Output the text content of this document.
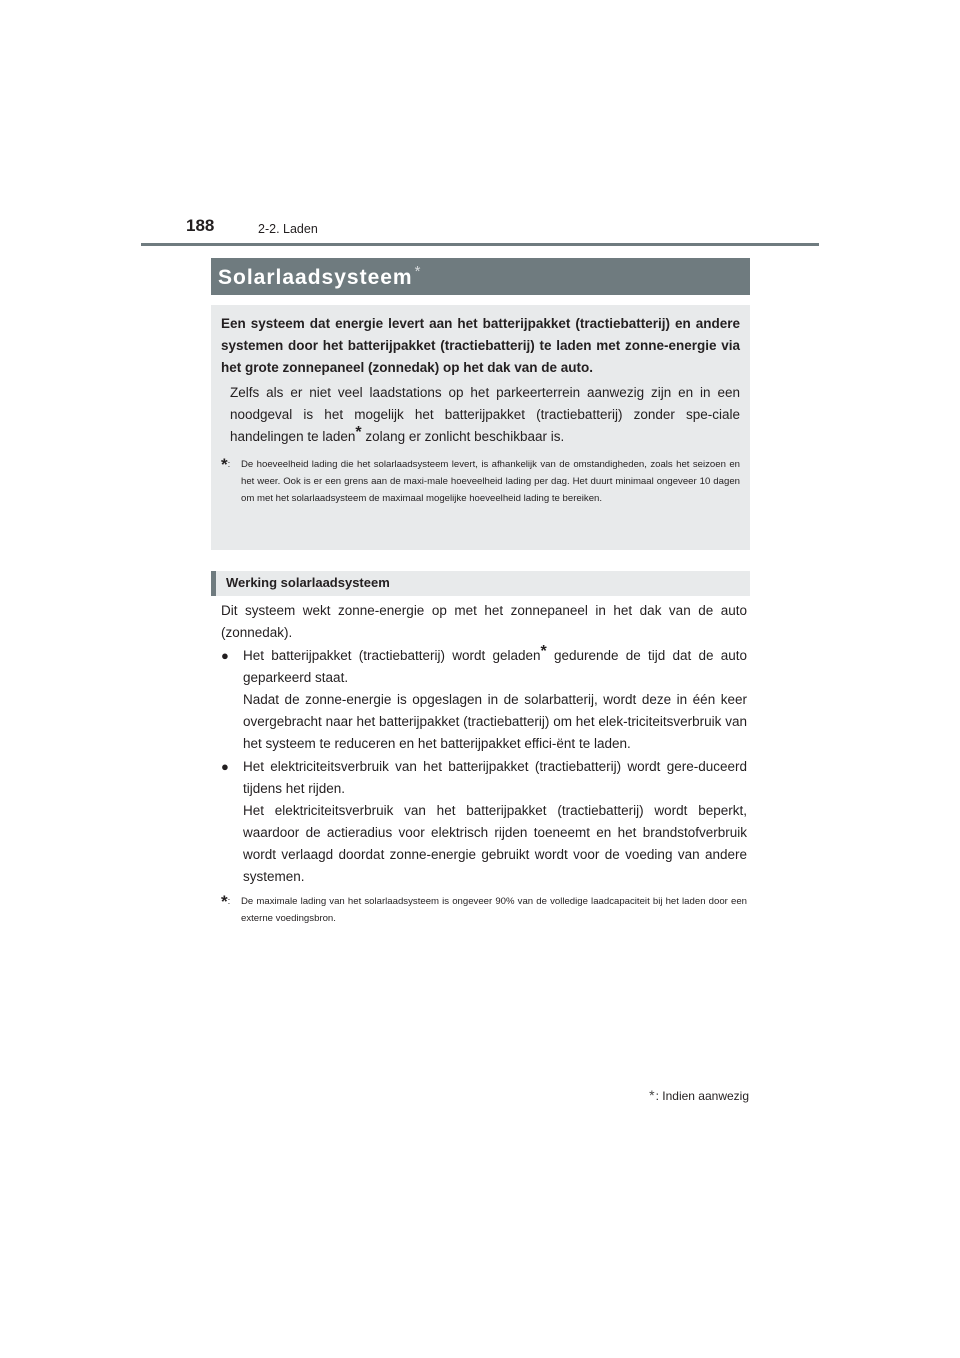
188	2-2. Laden
Solarlaadsysteem *
Een systeem dat energie levert aan het batterijpakket (tractiebatterij) en andere systemen door het batterijpakket (tractiebatterij) te laden met zonne-energie via het grote zonnepaneel (zonnedak) op het dak van de auto.
Zelfs als er niet veel laadstations op het parkeerterrein aanwezig zijn en in een noodgeval is het mogelijk het batterijpakket (tractiebatterij) zonder spe-ciale handelingen te laden* zolang er zonlicht beschikbaar is.
*: De hoeveelheid lading die het solarlaadsysteem levert, is afhankelijk van de omstandigheden, zoals het seizoen en het weer. Ook is er een grens aan de maxi-male hoeveelheid lading per dag. Het duurt minimaal ongeveer 10 dagen om met het solarlaadsysteem de maximaal mogelijke hoeveelheid lading te bereiken.
Werking solarlaadsysteem
Dit systeem wekt zonne-energie op met het zonnepaneel in het dak van de auto (zonnedak).
● Het batterijpakket (tractiebatterij) wordt geladen* gedurende de tijd dat de auto geparkeerd staat.

Nadat de zonne-energie is opgeslagen in de solarbatterij, wordt deze in één keer overgebracht naar het batterijpakket (tractiebatterij) om het elek-triciteitsverbruik van het systeem te reduceren en het batterijpakket effici-ënt te laden.

● Het elektriciteitsverbruik van het batterijpakket (tractiebatterij) wordt gere-duceerd tijdens het rijden.

Het elektriciteitsverbruik van het batterijpakket (tractiebatterij) wordt beperkt, waardoor de actieradius voor elektrisch rijden toeneemt en het brandstofverbruik wordt verlaagd doordat zonne-energie gebruikt wordt voor de voeding van andere systemen.

*: De maximale lading van het solarlaadsysteem is ongeveer 90% van de volledige laadcapaciteit bij het laden door een externe voedingsbron.
*: Indien aanwezig
